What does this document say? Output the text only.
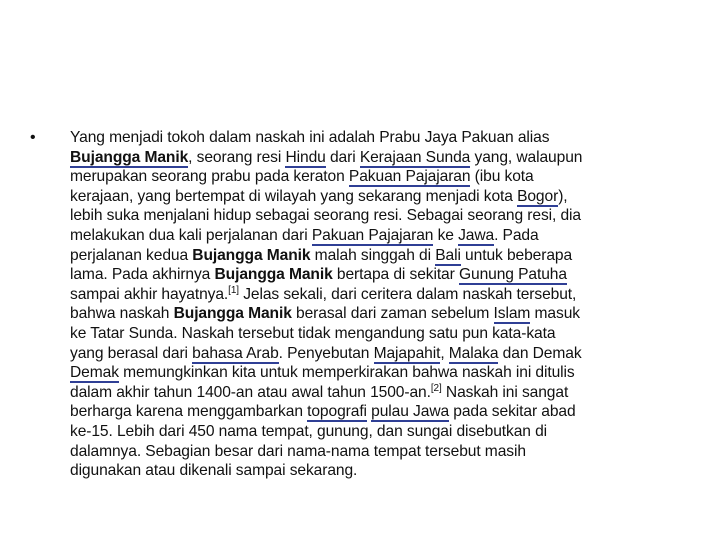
• Yang menjadi tokoh dalam naskah ini adalah Prabu Jaya Pakuan alias
Bujangga Manik, seorang resi Hindu dari Kerajaan Sunda yang, walaupun
merupakan seorang prabu pada keraton Pakuan Pajajaran (ibu kota
kerajaan, yang bertempat di wilayah yang sekarang menjadi kota Bogor),
lebih suka menjalani hidup sebagai seorang resi. Sebagai seorang resi, dia
melakukan dua kali perjalanan dari Pakuan Pajajaran ke Jawa. Pada
perjalanan kedua Bujangga Manik malah singgah di Bali untuk beberapa
lama. Pada akhirnya Bujangga Manik bertapa di sekitar Gunung Patuha
sampai akhir hayatnya.[1] Jelas sekali, dari ceritera dalam naskah tersebut,
bahwa naskah Bujangga Manik berasal dari zaman sebelum Islam masuk
ke Tatar Sunda. Naskah tersebut tidak mengandung satu pun kata-kata
yang berasal dari bahasa Arab. Penyebutan Majapahit, Malaka dan Demak
Demak memungkinkan kita untuk memperkirakan bahwa naskah ini ditulis
dalam akhir tahun 1400-an atau awal tahun 1500-an.[2] Naskah ini sangat
berharga karena menggambarkan topografi pulau Jawa pada sekitar abad
ke-15. Lebih dari 450 nama tempat, gunung, dan sungai disebutkan di
dalamnya. Sebagian besar dari nama-nama tempat tersebut masih
digunakan atau dikenali sampai sekarang.
